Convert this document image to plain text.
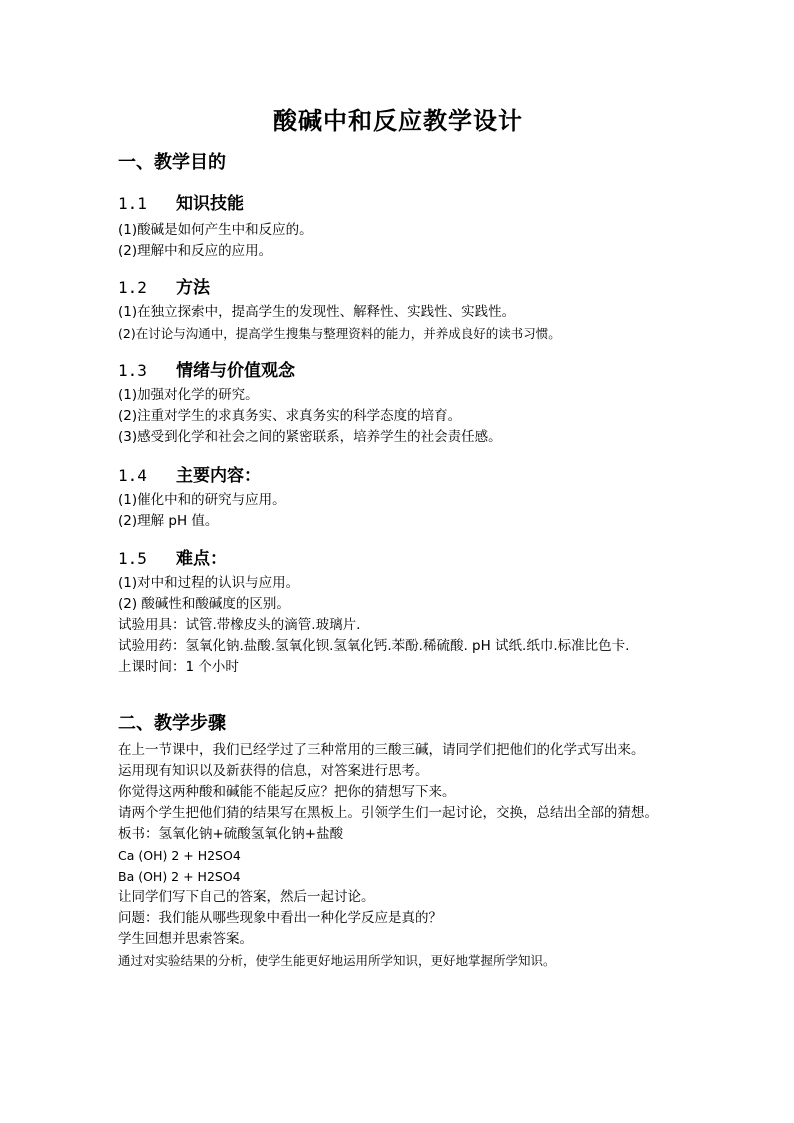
酸碱中和反应教学设计
一、教学目的
1.1 知识技能
(1)酸碱是如何产生中和反应的。
(2)理解中和反应的应用。
1.2 方法
(1)在独立探索中，提高学生的发现性、解释性、实践性、实践性。
(2)在讨论与沟通中，提高学生搜集与整理资料的能力，并养成良好的读书习惯。
1.3 情绪与价值观念
(1)加强对化学的研究。
(2)注重对学生的求真务实、求真务实的科学态度的培育。
(3)感受到化学和社会之间的紧密联系，培养学生的社会责任感。
1.4 主要内容：
(1)催化中和的研究与应用。
(2)理解 pH 值。
1.5 难点：
(1)对中和过程的认识与应用。
(2) 酸碱性和酸碱度的区别。
试验用具：试管.带橡皮头的滴管.玻璃片.
试验用药：氢氧化钠.盐酸.氢氧化钡.氢氧化钙.苯酚.稀硫酸. pH 试纸.纸巾.标准比色卡.
上课时间：1 个小时
二、教学步骤
在上一节课中，我们已经学过了三种常用的三酸三碱，请同学们把他们的化学式写出来。
运用现有知识以及新获得的信息，对答案进行思考。
你觉得这两种酸和碱能不能起反应？把你的猜想写下来。
请两个学生把他们猜的结果写在黑板上。引领学生们一起讨论，交换，总结出全部的猜想。
板书：氢氧化钠+硫酸氢氧化钠+盐酸
Ca (OH) 2 + H2SO4
Ba (OH) 2 + H2SO4
让同学们写下自己的答案，然后一起讨论。
问题：我们能从哪些现象中看出一种化学反应是真的？
学生回想并思索答案。
通过对实验结果的分析，使学生能更好地运用所学知识，更好地掌握所学知识。
